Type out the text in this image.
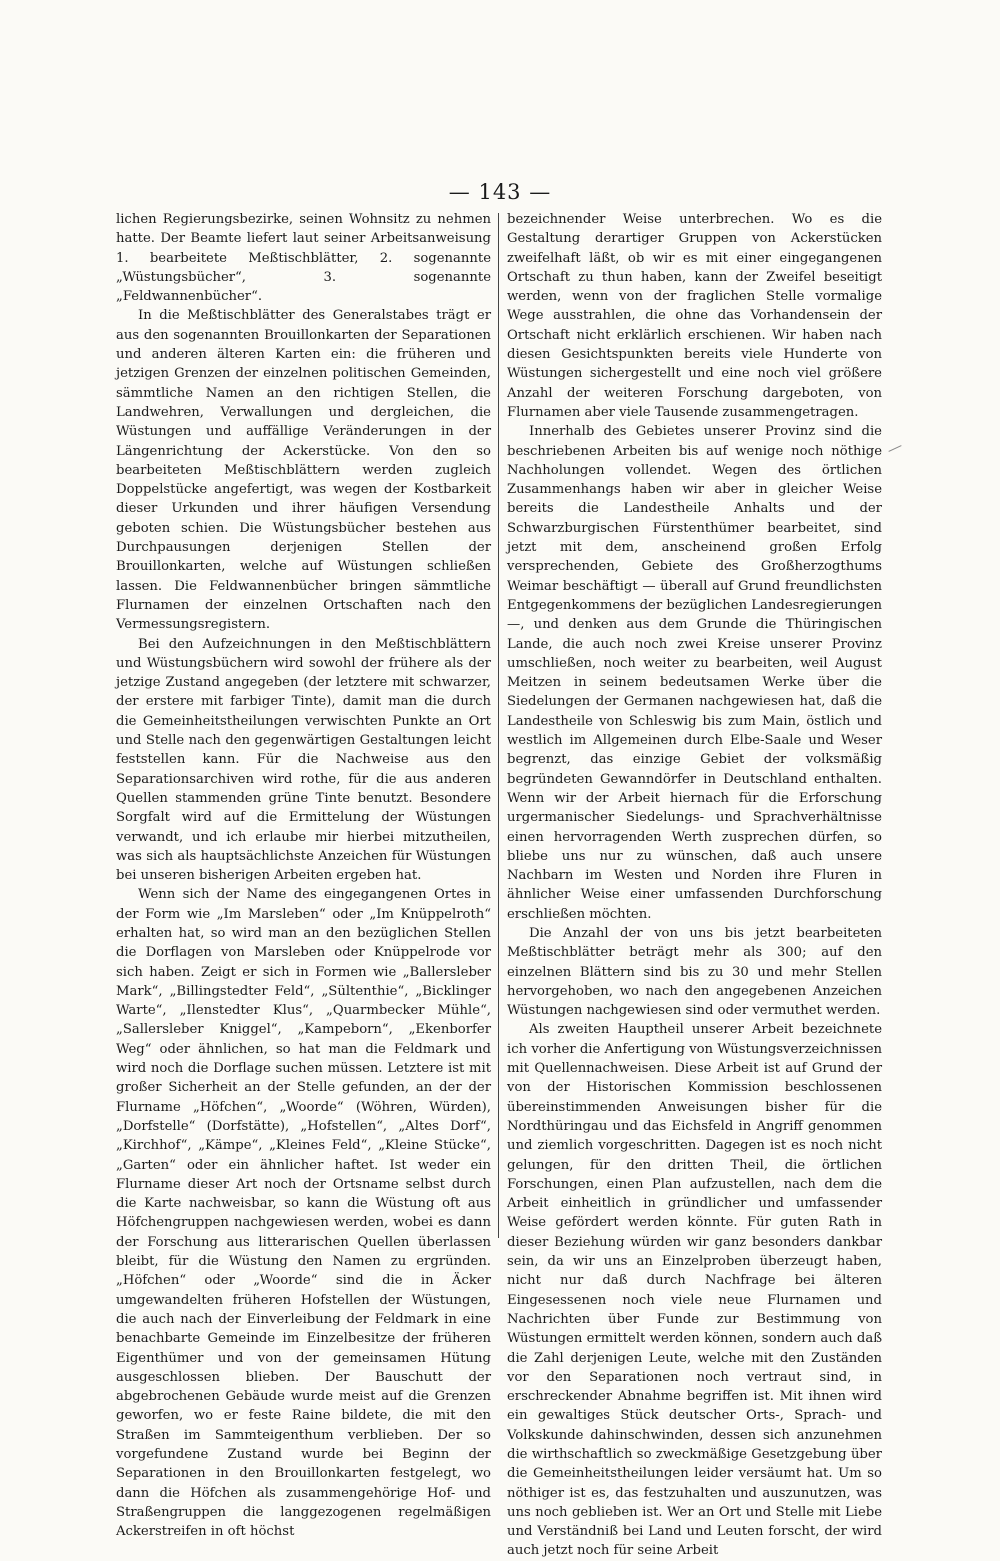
— 143 —

lichen Regierungsbezirke, seinen Wohnsitz zu nehmen hatte. Der Beamte liefert laut seiner Arbeitsanweisung 1. bearbeitete Meßtischblätter, 2. sogenannte „Wüstungsbücher“, 3. sogenannte „Feldwannenbücher“.

In die Meßtischblätter des Generalstabes trägt er aus den sogenannten Brouillonkarten der Separationen und anderen älteren Karten ein: die früheren und jetzigen Grenzen der einzelnen politischen Gemeinden, sämmtliche Namen an den richtigen Stellen, die Landwehren, Verwallungen und dergleichen, die Wüstungen und auffällige Veränderungen in der Längenrichtung der Ackerstücke. Von den so bearbeiteten Meßtischblättern werden zugleich Doppelstücke angefertigt, was wegen der Kostbarkeit dieser Urkunden und ihrer häufigen Versendung geboten schien. Die Wüstungsbücher bestehen aus Durchpausungen derjenigen Stellen der Brouillonkarten, welche auf Wüstungen schließen lassen. Die Feldwannenbücher bringen sämmtliche Flurnamen der einzelnen Ortschaften nach den Vermessungsregistern.

Bei den Aufzeichnungen in den Meßtischblättern und Wüstungsbüchern wird sowohl der frühere als der jetzige Zustand angegeben (der letztere mit schwarzer, der erstere mit farbiger Tinte), damit man die durch die Gemeinheitstheilungen verwischten Punkte an Ort und Stelle nach den gegenwärtigen Gestaltungen leicht feststellen kann. Für die Nachweise aus den Separationsarchiven wird rothe, für die aus anderen Quellen stammenden grüne Tinte benutzt. Besondere Sorgfalt wird auf die Ermittelung der Wüstungen verwandt, und ich erlaube mir hierbei mitzutheilen, was sich als hauptsächlichste Anzeichen für Wüstungen bei unseren bisherigen Arbeiten ergeben hat.

Wenn sich der Name des eingegangenen Ortes in der Form wie „Im Marsleben“ oder „Im Knüppelroth“ erhalten hat, so wird man an den bezüglichen Stellen die Dorflagen von Marsleben oder Knüppelrode vor sich haben. Zeigt er sich in Formen wie „Ballersleber Mark“, „Billingstedter Feld“, „Sültenthie“, „Bicklinger Warte“, „Ilenstedter Klus“, „Quarmbecker Mühle“, „Sallersleber Kniggel“, „Kampeborn“, „Ekenborfer Weg“ oder ähnlichen, so hat man die Feldmark und wird noch die Dorflage suchen müssen. Letztere ist mit großer Sicherheit an der Stelle gefunden, an der der Flurname „Höfchen“, „Woorde“ (Wöhren, Würden), „Dorfstelle“ (Dorfstätte), „Hofstellen“, „Altes Dorf“, „Kirchhof“, „Kämpe“, „Kleines Feld“, „Kleine Stücke“, „Garten“ oder ein ähnlicher haftet. Ist weder ein Flurname dieser Art noch der Ortsname selbst durch die Karte nachweisbar, so kann die Wüstung oft aus Höfchengruppen nachgewiesen werden, wobei es dann der Forschung aus litterarischen Quellen überlassen bleibt, für die Wüstung den Namen zu ergründen. „Höfchen“ oder „Woorde“ sind die in Äcker umgewandelten früheren Hofstellen der Wüstungen, die auch nach der Einverleibung der Feldmark in eine benachbarte Gemeinde im Einzelbesitze der früheren Eigenthümer und von der gemeinsamen Hütung ausgeschlossen blieben. Der Bauschutt der abgebrochenen Gebäude wurde meist auf die Grenzen geworfen, wo er feste Raine bildete, die mit den Straßen im Sammteigenthum verblieben. Der so vorgefundene Zustand wurde bei Beginn der Separationen in den Brouillonkarten festgelegt, wo dann die Höfchen als zusammengehörige Hof- und Straßengruppen die langgezogenen regelmäßigen Ackerstreifen in oft höchst

bezeichnender Weise unterbrechen. Wo es die Gestaltung derartiger Gruppen von Ackerstücken zweifelhaft läßt, ob wir es mit einer eingegangenen Ortschaft zu thun haben, kann der Zweifel beseitigt werden, wenn von der fraglichen Stelle vormalige Wege ausstrahlen, die ohne das Vorhandensein der Ortschaft nicht erklärlich erschienen. Wir haben nach diesen Gesichtspunkten bereits viele Hunderte von Wüstungen sichergestellt und eine noch viel größere Anzahl der weiteren Forschung dargeboten, von Flurnamen aber viele Tausende zusammengetragen.

Innerhalb des Gebietes unserer Provinz sind die beschriebenen Arbeiten bis auf wenige noch nöthige Nachholungen vollendet. Wegen des örtlichen Zusammenhangs haben wir aber in gleicher Weise bereits die Landestheile Anhalts und der Schwarzburgischen Fürstenthümer bearbeitet, sind jetzt mit dem, anscheinend großen Erfolg versprechenden, Gebiete des Großherzogthums Weimar beschäftigt — überall auf Grund freundlichsten Entgegenkommens der bezüglichen Landesregierungen —, und denken aus dem Grunde die Thüringischen Lande, die auch noch zwei Kreise unserer Provinz umschließen, noch weiter zu bearbeiten, weil August Meitzen in seinem bedeutsamen Werke über die Siedelungen der Germanen nachgewiesen hat, daß die Landestheile von Schleswig bis zum Main, östlich und westlich im Allgemeinen durch Elbe-Saale und Weser begrenzt, das einzige Gebiet der volksmäßig begründeten Gewanndörfer in Deutschland enthalten. Wenn wir der Arbeit hiernach für die Erforschung urgermanischer Siedelungs- und Sprachverhältnisse einen hervorragenden Werth zusprechen dürfen, so bliebe uns nur zu wünschen, daß auch unsere Nachbarn im Westen und Norden ihre Fluren in ähnlicher Weise einer umfassenden Durchforschung erschließen möchten.

Die Anzahl der von uns bis jetzt bearbeiteten Meßtischblätter beträgt mehr als 300; auf den einzelnen Blättern sind bis zu 30 und mehr Stellen hervorgehoben, wo nach den angegebenen Anzeichen Wüstungen nachgewiesen sind oder vermuthet werden.

Als zweiten Hauptheil unserer Arbeit bezeichnete ich vorher die Anfertigung von Wüstungsverzeichnissen mit Quellennachweisen. Diese Arbeit ist auf Grund der von der Historischen Kommission beschlossenen übereinstimmenden Anweisungen bisher für die Nordthüringau und das Eichsfeld in Angriff genommen und ziemlich vorgeschritten. Dagegen ist es noch nicht gelungen, für den dritten Theil, die örtlichen Forschungen, einen Plan aufzustellen, nach dem die Arbeit einheitlich in gründlicher und umfassender Weise gefördert werden könnte. Für guten Rath in dieser Beziehung würden wir ganz besonders dankbar sein, da wir uns an Einzelproben überzeugt haben, nicht nur daß durch Nachfrage bei älteren Eingesessenen noch viele neue Flurnamen und Nachrichten über Funde zur Bestimmung von Wüstungen ermittelt werden können, sondern auch daß die Zahl derjenigen Leute, welche mit den Zuständen vor den Separationen noch vertraut sind, in erschreckender Abnahme begriffen ist. Mit ihnen wird ein gewaltiges Stück deutscher Orts-, Sprach- und Volkskunde dahinschwinden, dessen sich anzunehmen die wirthschaftlich so zweckmäßige Gesetzgebung über die Gemeinheitstheilungen leider versäumt hat. Um so nöthiger ist es, das festzuhalten und auszunutzen, was uns noch geblieben ist. Wer an Ort und Stelle mit Liebe und Verständniß bei Land und Leuten forscht, der wird auch jetzt noch für seine Arbeit
